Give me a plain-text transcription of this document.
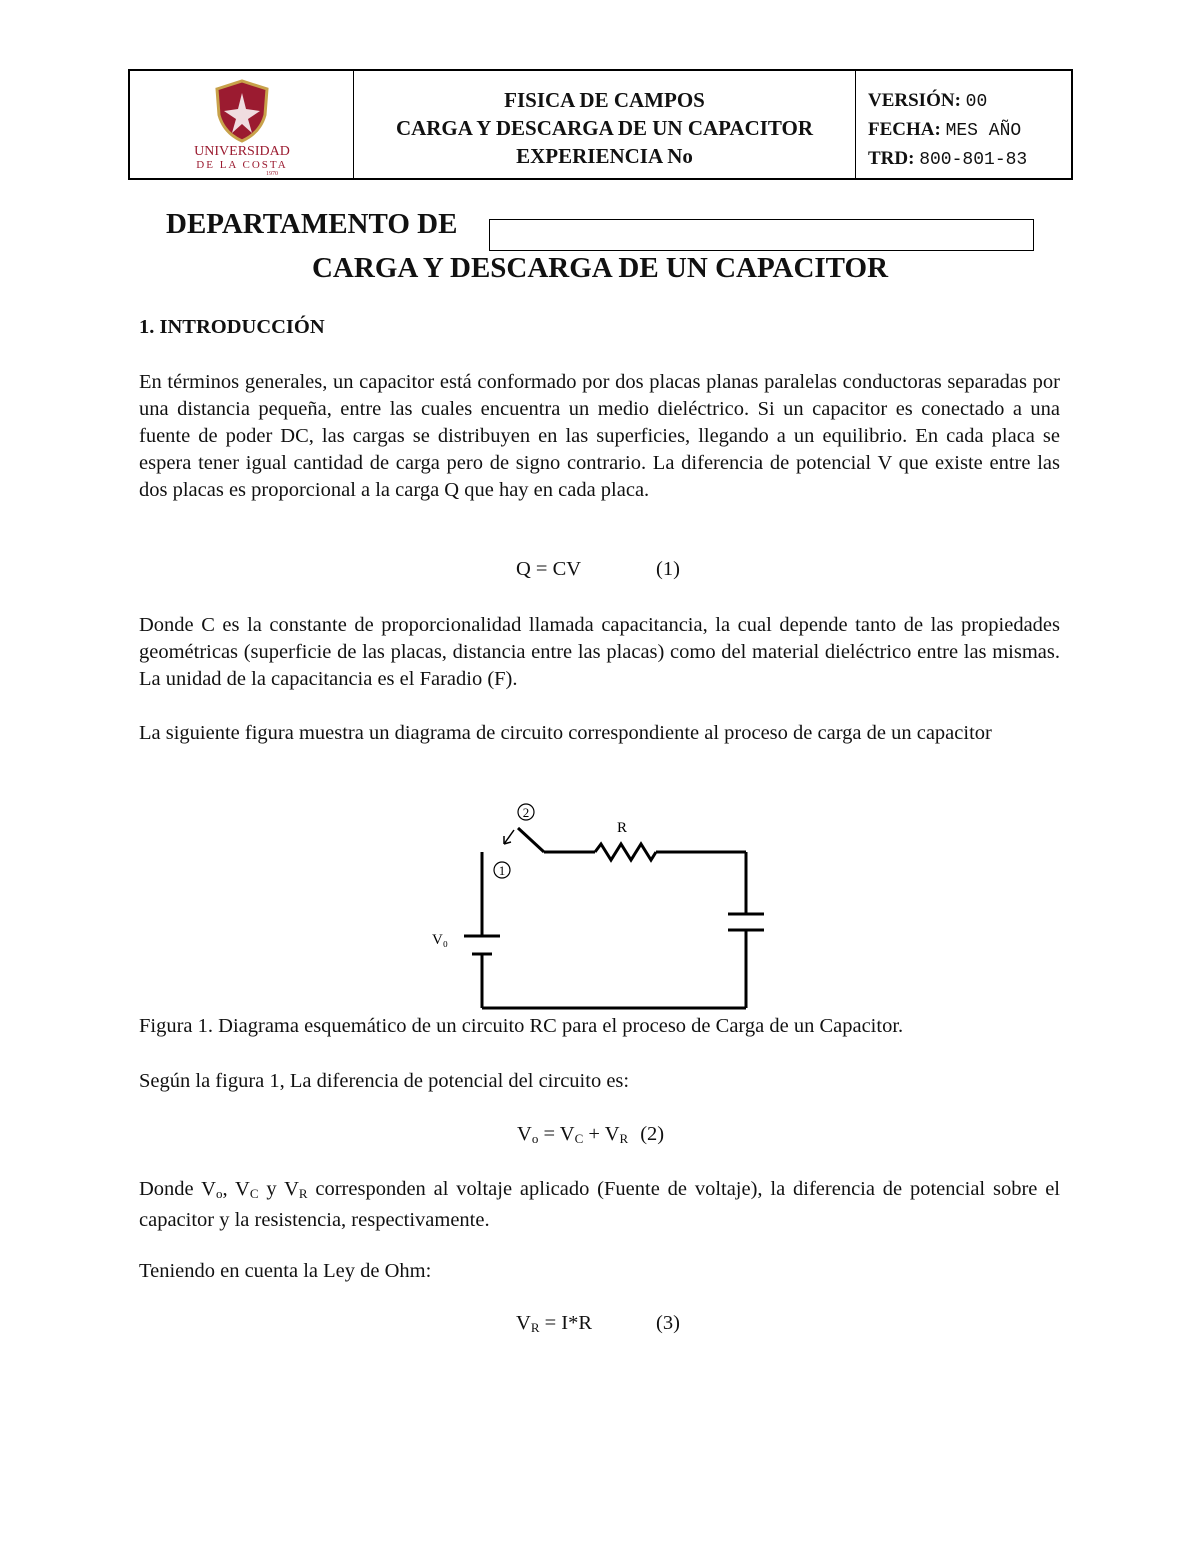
UNIVERSIDAD
DE LA COSTA
1970
FISICA DE CAMPOS
CARGA Y DESCARGA DE UN CAPACITOR
EXPERIENCIA No
VERSIÓN: 00
FECHA: MES AÑO
TRD: 800-801-83
DEPARTAMENTO DE
CARGA Y DESCARGA DE UN CAPACITOR
1. INTRODUCCIÓN
En términos generales, un capacitor está conformado por dos placas planas paralelas conductoras separadas por una distancia pequeña, entre las cuales encuentra un medio dieléctrico. Si un capacitor es conectado a una fuente de poder DC, las cargas se distribuyen en las superficies, llegando a un equilibrio. En cada placa se espera tener igual cantidad de carga pero de signo contrario. La diferencia de potencial V que existe entre las dos placas es proporcional a la carga Q que hay en cada placa.
Q = CV	(1)
Donde C es la constante de proporcionalidad llamada capacitancia, la cual depende tanto de las propiedades geométricas (superficie de las placas, distancia entre las placas) como del material dieléctrico entre las mismas. La unidad de la capacitancia es el Faradio (F).
La siguiente figura muestra un diagrama de circuito correspondiente al proceso de carga de un capacitor
2
1
R
V₀
Figura 1. Diagrama esquemático de un circuito RC para el proceso de Carga de un Capacitor.
Según la figura 1, La diferencia de potencial del circuito es:
$V_o = V_C + V_R$ (2)
Donde $V_o$, $V_C$ y $V_R$ corresponden al voltaje aplicado (Fuente de voltaje), la diferencia de potencial sobre el capacitor y la resistencia, respectivamente.
Teniendo en cuenta la Ley de Ohm:
$V_R = I*R$	(3)
